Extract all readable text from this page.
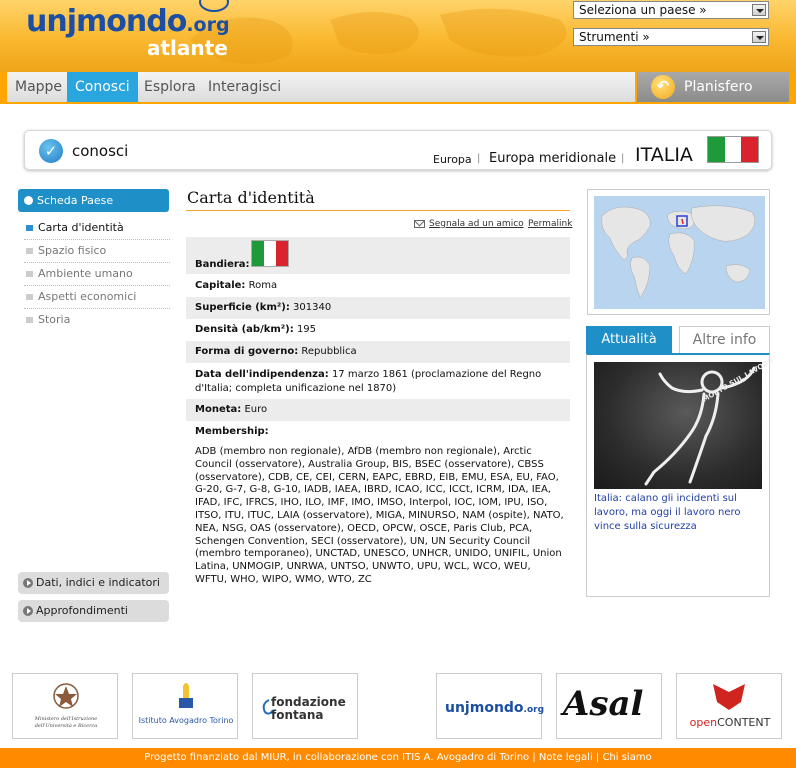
unjmondo.org
atlante
Seleziona un paese »
Strumenti »
Mappe Conosci	Esplora Interagisci	↶	Planisfero
✓ conosci	Europa | Europa meridionale | ITALIA
Scheda Paese
Carta d'identità
Spazio fisico
Ambiente umano
Aspetti economici
Storia
Dati, indici e indicatori
Approfondimenti
Carta d'identità
Segnala ad un amico Permalink
Bandiera:
Capitale: Roma
Superficie (km²): 301340
Densità (ab/km²): 195
Forma di governo: Repubblica
Data dell'indipendenza: 17 marzo 1861 (proclamazione del Regno d'Italia; completa unificazione nel 1870)
Moneta: Euro
Membership:
ADB (membro non regionale), AfDB (membro non regionale), Arctic Council (osservatore), Australia Group, BIS, BSEC (osservatore), CBSS (osservatore), CDB, CE, CEI, CERN, EAPC, EBRD, EIB, EMU, ESA, EU, FAO, G-20, G-7, G-8, G-10, IADB, IAEA, IBRD, ICAO, ICC, ICCt, ICRM, IDA, IEA, IFAD, IFC, IFRCS, IHO, ILO, IMF, IMO, IMSO, Interpol, IOC, IOM, IPU, ISO, ITSO, ITU, ITUC, LAIA (osservatore), MIGA, MINURSO, NAM (ospite), NATO, NEA, NSG, OAS (osservatore), OECD, OPCW, OSCE, Paris Club, PCA, Schengen Convention, SECI (osservatore), UN, UN Security Council (membro temporaneo), UNCTAD, UNESCO, UNHCR, UNIDO, UNIFIL, Union Latina, UNMOGIP, UNRWA, UNTSO, UNWTO, UPU, WCL, WCO, WEU, WFTU, WHO, WIPO, WMO, WTO, ZC
Attualità	Altre info
MORTO SUL LAVORO
Italia: calano gli incidenti sul lavoro, ma oggi il lavoro nero vince sulla sicurezza
Ministero dell'Istruzione
dell'Università e Ricerca
Istituto Avogadro Torino
fondazione
fontana	unjmondo.org Asal	openCONTENT
Progetto finanziato dal MIUR, in collaborazione con ITIS A. Avogadro di Torino | Note legali | Chi siamo
